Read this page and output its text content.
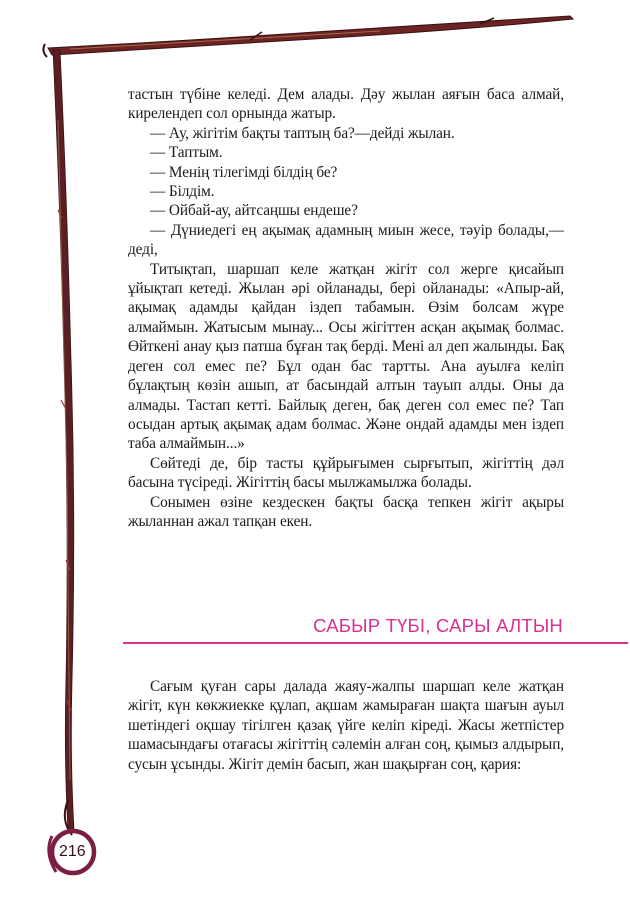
тастын түбіне келеді. Дем алады. Дәу жылан аяғын баса алмай, кирелендеп сол орнында жатыр.

— Ау, жігітім бақты таптың ба?—дейді жылан.

— Таптым.

— Менің тілегімді білдің бе?

— Білдім.

— Ойбай-ау, айтсаңшы ендеше?

— Дүниедегі ең ақымақ адамның миын жесе, тәуір болады,—деді,

Титықтап, шаршап келе жатқан жігіт сол жерге қисайып ұйықтап кетеді. Жылан әрі ойланады, бері ойланады: «Апыр-ай, ақымақ адамды қайдан іздеп табамын. Өзім болсам жүре алмаймын. Жатысым мынау... Осы жігіттен асқан ақымақ болмас. Өйткені анау қыз патша бұған тақ берді. Мені ал деп жалынды. Бақ деген сол емес пе? Бұл одан бас тартты. Ана ауылға келіп бұлақтың көзін ашып, ат басындай алтын тауып алды. Оны да алмады. Тастап кетті. Байлық деген, бақ деген сол емес пе? Тап осыдан артық ақымақ адам болмас. Және ондай адамды мен іздеп таба алмаймын...»

Сөйтеді де, бір тасты құйрығымен сырғытып, жігіттің дәл басына түсіреді. Жігіттің басы мылжамылжа болады.

Сонымен өзіне кездескен бақты басқа тепкен жігіт ақыры жыланнан ажал тапқан екен.

САБЫР ТҮБІ, САРЫ АЛТЫН

Сағым қуған сары далада жаяу-жалпы шаршап келе жатқан жігіт, күн көкжиекке құлап, ақшам жамыраған шақта шағын ауыл шетіндегі оқшау тігілген қазақ үйге келіп кіреді. Жасы жетпістер шамасындағы отағасы жігіттің сәлемін алған соң, қымыз алдырып, сусын ұсынды. Жігіт демін басып, жан шақырған соң, қария:

216
